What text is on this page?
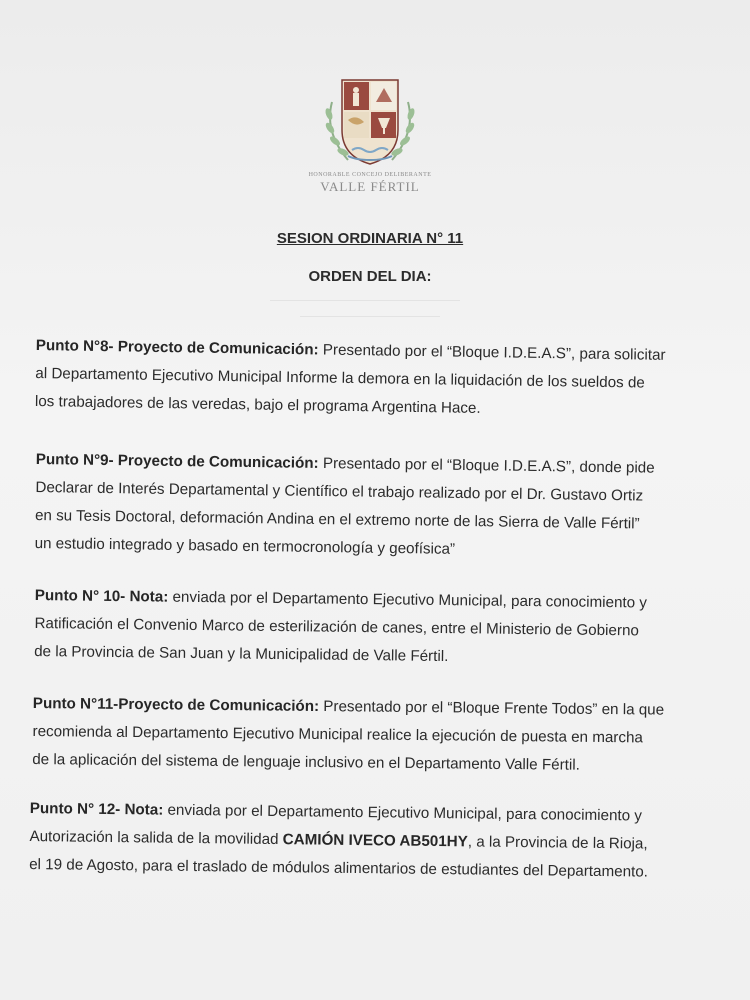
HONORABLE CONCEJO DELIBERANTE
VALLE FÉRTIL
SESION ORDINARIA N° 11
ORDEN DEL DIA:
Punto N°8- Proyecto de Comunicación: Presentado por el “Bloque I.D.E.A.S”, para solicitar
al Departamento Ejecutivo Municipal Informe la demora en la liquidación de los sueldos de
los trabajadores de las veredas, bajo el programa Argentina Hace.
Punto N°9- Proyecto de Comunicación: Presentado por el “Bloque I.D.E.A.S”, donde pide
Declarar de Interés Departamental y Científico el trabajo realizado por el Dr. Gustavo Ortiz
en su Tesis Doctoral, deformación Andina en el extremo norte de las Sierra de Valle Fértil”
un estudio integrado y basado en termocronología y geofísica”
Punto N° 10- Nota: enviada por el Departamento Ejecutivo Municipal, para conocimiento y
Ratificación el Convenio Marco de esterilización de canes, entre el Ministerio de Gobierno
de la Provincia de San Juan y la Municipalidad de Valle Fértil.
Punto N°11-Proyecto de Comunicación: Presentado por el “Bloque Frente Todos” en la que
recomienda al Departamento Ejecutivo Municipal realice la ejecución de puesta en marcha
de la aplicación del sistema de lenguaje inclusivo en el Departamento Valle Fértil.
Punto N° 12- Nota: enviada por el Departamento Ejecutivo Municipal, para conocimiento y
Autorización la salida de la movilidad CAMIÓN IVECO AB501HY, a la Provincia de la Rioja,
el 19 de Agosto, para el traslado de módulos alimentarios de estudiantes del Departamento.
